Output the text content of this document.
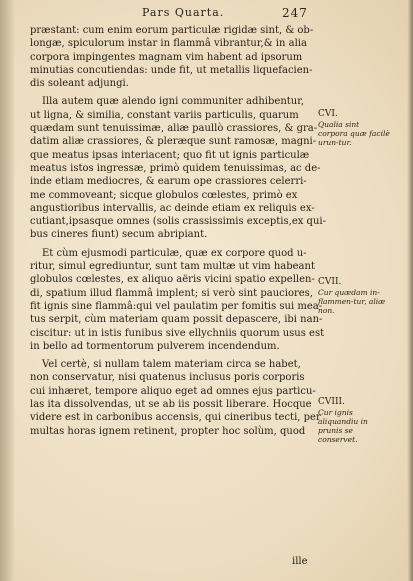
Pars Quarta.	247
præstant: cum enim eorum particulæ rigidæ sint, & ob-
longæ, spiculorum instar in flammâ vibrantur,& in alia
corpora impingentes magnam vim habent ad ipsorum
minutias concutiendas: unde fit, ut metallis liquefacien-
dis soleant adjungi.
Illa autem quæ alendo igni communiter adhibentur,
ut ligna, & similia, constant variis particulis, quarum
quædam sunt tenuissimæ, aliæ paullò crassiores, & gra-
datim aliæ crassiores, & pleræque sunt ramosæ, magni-
que meatus ipsas interiacent; quo fit ut ignis particulæ
meatus istos ingressæ, primò quidem tenuissimas, ac de-
inde etiam mediocres, & earum ope crassiores celerri-
me commoveant; sicque globulos cœlestes, primò ex
angustioribus intervallis, ac deinde etiam ex reliquis ex-
cutiant,ipsasque omnes (solis crassissimis exceptis,ex qui-
bus cineres fiunt) secum abripiant.
Et cùm ejusmodi particulæ, quæ ex corpore quod u-
ritur, simul egrediuntur, sunt tam multæ ut vim habeant
globulos cœlestes, ex aliquo aëris vicini spatio expellen-
di, spatium illud flammâ implent; si verò sint pauciores,
fit ignis sine flammâ:qui vel paulatim per fomitis sui mea-
tus serpit, cùm materiam quam possit depascere, ibi nan-
ciscitur: ut in istis funibus sive ellychniis quorum usus est
in bello ad tormentorum pulverem incendendum.
Vel certè, si nullam talem materiam circa se habet,
non conservatur, nisi quatenus inclusus poris corporis
cui inhæret, tempore aliquo eget ad omnes ejus particu-
las ita dissolvendas, ut se ab iis possit liberare. Hocque
videre est in carbonibus accensis, qui cineribus tecti, per
multas horas ignem retinent, propter hoc solùm, quod
ille
CVI.
Qualia sint corpora quæ facilè urun-tur.
CVII.
Cur quædam in-flammen-tur, aliæ non.
CVIII.
Cur ignis aliquandiu in prunis se conservet.
